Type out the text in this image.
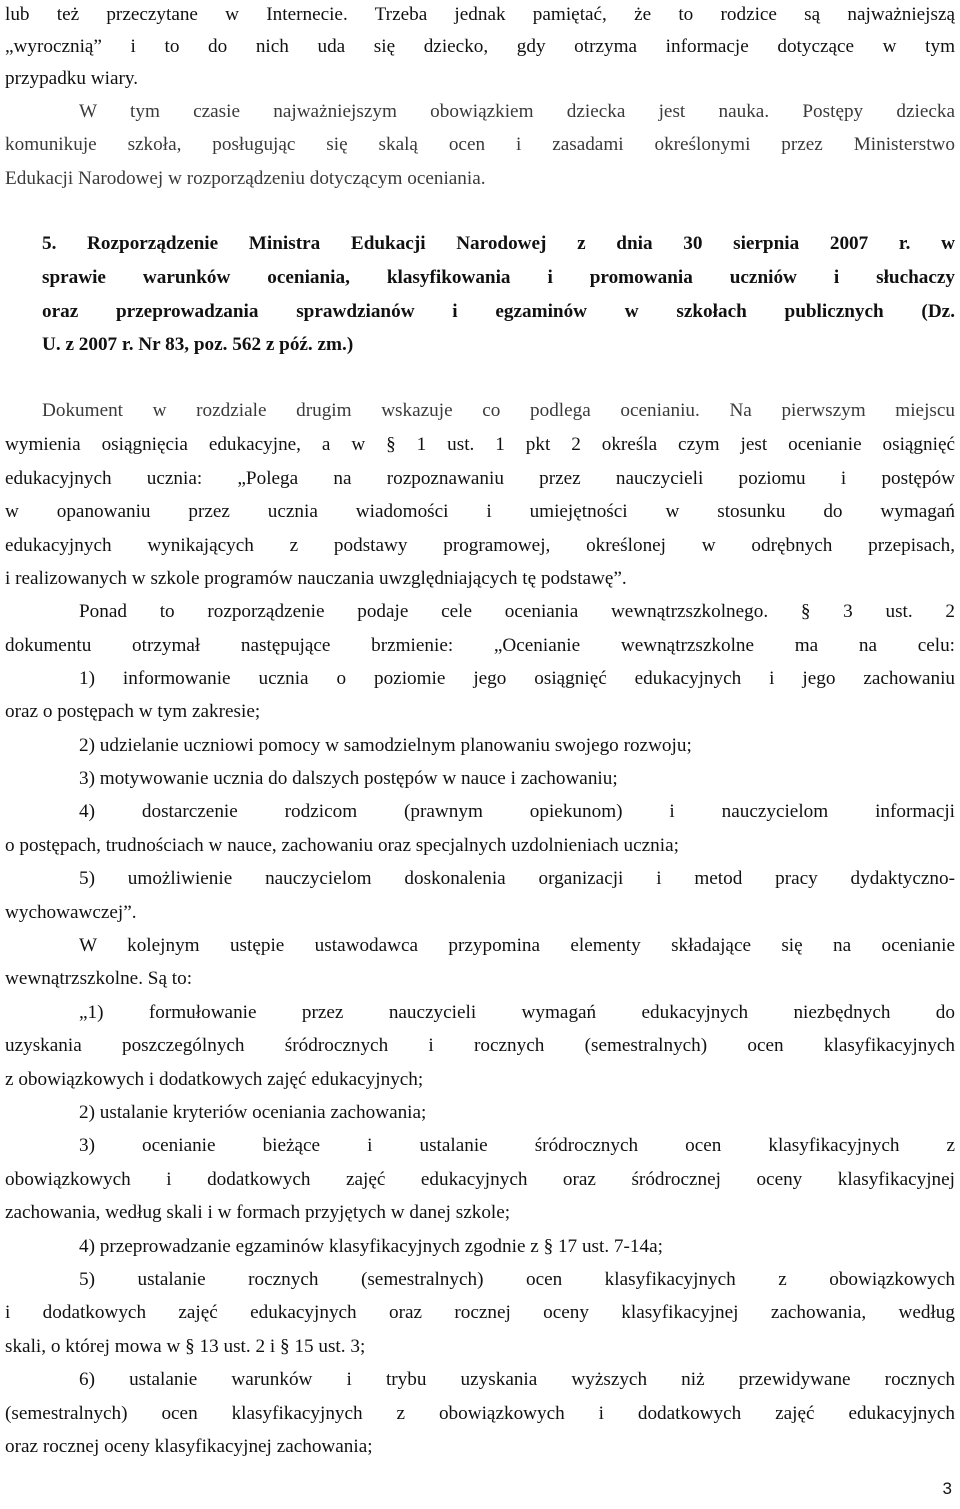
lub też przeczytane w Internecie. Trzeba jednak pamiętać, że to rodzice są najważniejszą
„wyrocznią” i to do nich uda się dziecko, gdy otrzyma informacje dotyczące w tym
przypadku wiary.
W tym czasie najważniejszym obowiązkiem dziecka jest nauka. Postępy dziecka
komunikuje szkoła, posługując się skalą ocen i zasadami określonymi przez Ministerstwo
Edukacji Narodowej w rozporządzeniu dotyczącym oceniania.
5. Rozporządzenie Ministra Edukacji Narodowej z dnia 30 sierpnia 2007 r. w
sprawie warunków oceniania, klasyfikowania i promowania uczniów i słuchaczy
oraz przeprowadzania sprawdzianów i egzaminów w szkołach publicznych (Dz.
U. z 2007 r. Nr 83, poz. 562 z póź. zm.)
Dokument w rozdziale drugim wskazuje co podlega ocenianiu. Na pierwszym miejscu
wymienia osiągnięcia edukacyjne, a w § 1 ust. 1 pkt 2 określa czym jest ocenianie osiągnięć
edukacyjnych ucznia: „Polega na rozpoznawaniu przez nauczycieli poziomu i postępów
w opanowaniu przez ucznia wiadomości i umiejętności w stosunku do wymagań
edukacyjnych wynikających z podstawy programowej, określonej w odrębnych przepisach,
i realizowanych w szkole programów nauczania uwzględniających tę podstawę”.
Ponad to rozporządzenie podaje cele oceniania wewnątrzszkolnego. § 3 ust. 2
dokumentu otrzymał następujące brzmienie: „Ocenianie wewnątrzszkolne ma na celu:
1) informowanie ucznia o poziomie jego osiągnięć edukacyjnych i jego zachowaniu
oraz o postępach w tym zakresie;
2) udzielanie uczniowi pomocy w samodzielnym planowaniu swojego rozwoju;
3) motywowanie ucznia do dalszych postępów w nauce i zachowaniu;
4) dostarczenie rodzicom (prawnym opiekunom) i nauczycielom informacji
o postępach, trudnościach w nauce, zachowaniu oraz specjalnych uzdolnieniach ucznia;
5) umożliwienie nauczycielom doskonalenia organizacji i metod pracy dydaktyczno-
wychowawczej”.
W kolejnym ustępie ustawodawca przypomina elementy składające się na ocenianie
wewnątrzszkolne. Są to:
„1) formułowanie przez nauczycieli wymagań edukacyjnych niezbędnych do
uzyskania poszczególnych śródrocznych i rocznych (semestralnych) ocen klasyfikacyjnych
z obowiązkowych i dodatkowych zajęć edukacyjnych;
2) ustalanie kryteriów oceniania zachowania;
3) ocenianie bieżące i ustalanie śródrocznych ocen klasyfikacyjnych z
obowiązkowych i dodatkowych zajęć edukacyjnych oraz śródrocznej oceny klasyfikacyjnej
zachowania, według skali i w formach przyjętych w danej szkole;
4) przeprowadzanie egzaminów klasyfikacyjnych zgodnie z § 17 ust. 7-14a;
5) ustalanie rocznych (semestralnych) ocen klasyfikacyjnych z obowiązkowych
i dodatkowych zajęć edukacyjnych oraz rocznej oceny klasyfikacyjnej zachowania, według
skali, o której mowa w § 13 ust. 2 i § 15 ust. 3;
6) ustalanie warunków i trybu uzyskania wyższych niż przewidywane rocznych
(semestralnych) ocen klasyfikacyjnych z obowiązkowych i dodatkowych zajęć edukacyjnych
oraz rocznej oceny klasyfikacyjnej zachowania;
3
